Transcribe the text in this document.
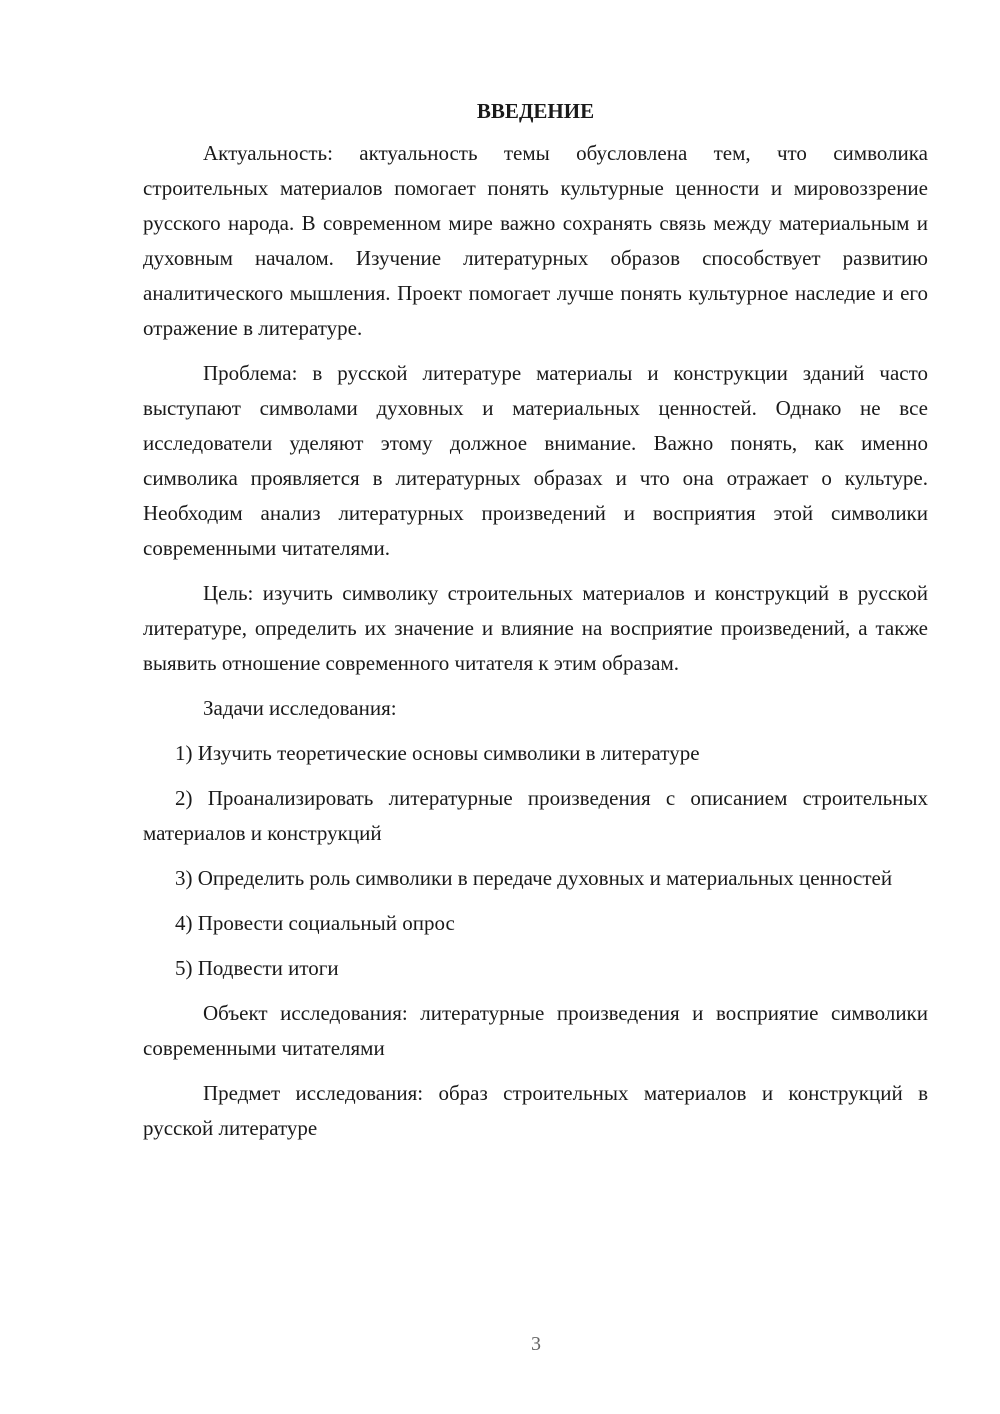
ВВЕДЕНИЕ

Актуальность: актуальность темы обусловлена тем, что символика строительных материалов помогает понять культурные ценности и мировоззрение русского народа. В современном мире важно сохранять связь между материальным и духовным началом. Изучение литературных образов способствует развитию аналитического мышления. Проект помогает лучше понять культурное наследие и его отражение в литературе.

Проблема: в русской литературе материалы и конструкции зданий часто выступают символами духовных и материальных ценностей. Однако не все исследователи уделяют этому должное внимание. Важно понять, как именно символика проявляется в литературных образах и что она отражает о культуре. Необходим анализ литературных произведений и восприятия этой символики современными читателями.

Цель: изучить символику строительных материалов и конструкций в русской литературе, определить их значение и влияние на восприятие произведений, а также выявить отношение современного читателя к этим образам.

Задачи исследования:

1) Изучить теоретические основы символики в литературе

2) Проанализировать литературные произведения с описанием строительных материалов и конструкций

3) Определить роль символики в передаче духовных и материальных ценностей

4) Провести социальный опрос

5) Подвести итоги

Объект исследования: литературные произведения и восприятие символики современными читателями

Предмет исследования: образ строительных материалов и конструкций в русской литературе

3
